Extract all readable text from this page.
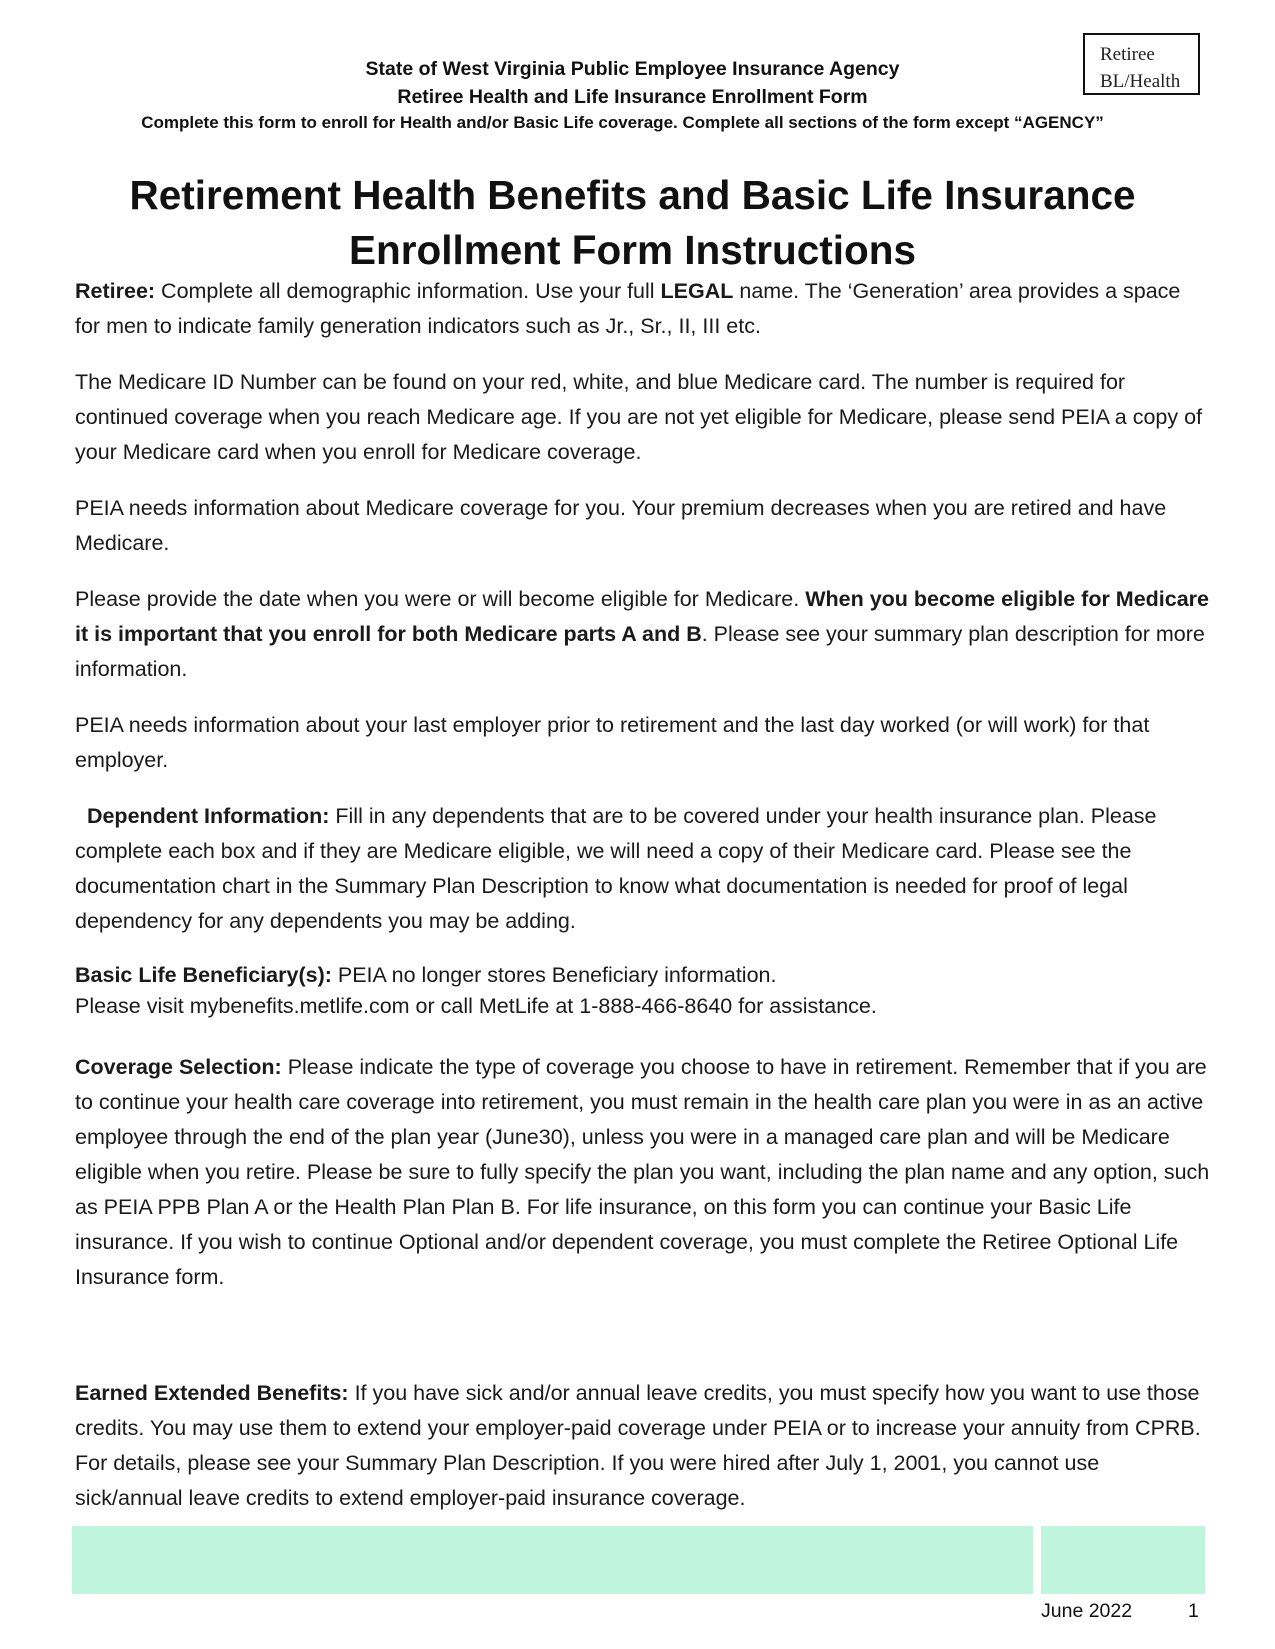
Retiree
BL/Health
State of West Virginia Public Employee Insurance Agency
Retiree Health and Life Insurance Enrollment Form
Complete this form to enroll for Health and/or Basic Life coverage. Complete all sections of the form except “AGENCY”
Retirement Health Benefits and Basic Life Insurance
Enrollment Form Instructions

Retiree: Complete all demographic information. Use your full LEGAL name. The ‘Generation’ area provides a space for men to indicate family generation indicators such as Jr., Sr., II, III etc.

The Medicare ID Number can be found on your red, white, and blue Medicare card. The number is required for continued coverage when you reach Medicare age. If you are not yet eligible for Medicare, please send PEIA a copy of your Medicare card when you enroll for Medicare coverage.

PEIA needs information about Medicare coverage for you. Your premium decreases when you are retired and have Medicare.

Please provide the date when you were or will become eligible for Medicare. When you become eligible for Medicare it is important that you enroll for both Medicare parts A and B. Please see your summary plan description for more information.

PEIA needs information about your last employer prior to retirement and the last day worked (or will work) for that employer.

Dependent Information: Fill in any dependents that are to be covered under your health insurance plan. Please complete each box and if they are Medicare eligible, we will need a copy of their Medicare card. Please see the documentation chart in the Summary Plan Description to know what documentation is needed for proof of legal dependency for any dependents you may be adding.

Basic Life Beneficiary(s): PEIA no longer stores Beneficiary information.
Please visit mybenefits.metlife.com or call MetLife at 1-888-466-8640 for assistance.

Coverage Selection: Please indicate the type of coverage you choose to have in retirement. Remember that if you are to continue your health care coverage into retirement, you must remain in the health care plan you were in as an active employee through the end of the plan year (June30), unless you were in a managed care plan and will be Medicare eligible when you retire. Please be sure to fully specify the plan you want, including the plan name and any option, such as PEIA PPB Plan A or the Health Plan Plan B. For life insurance, on this form you can continue your Basic Life insurance. If you wish to continue Optional and/or dependent coverage, you must complete the Retiree Optional Life Insurance form.

Earned Extended Benefits: If you have sick and/or annual leave credits, you must specify how you want to use those credits. You may use them to extend your employer-paid coverage under PEIA or to increase your annuity from CPRB. For details, please see your Summary Plan Description. If you were hired after July 1, 2001, you cannot use sick/annual leave credits to extend employer-paid insurance coverage.

June 2022	1
